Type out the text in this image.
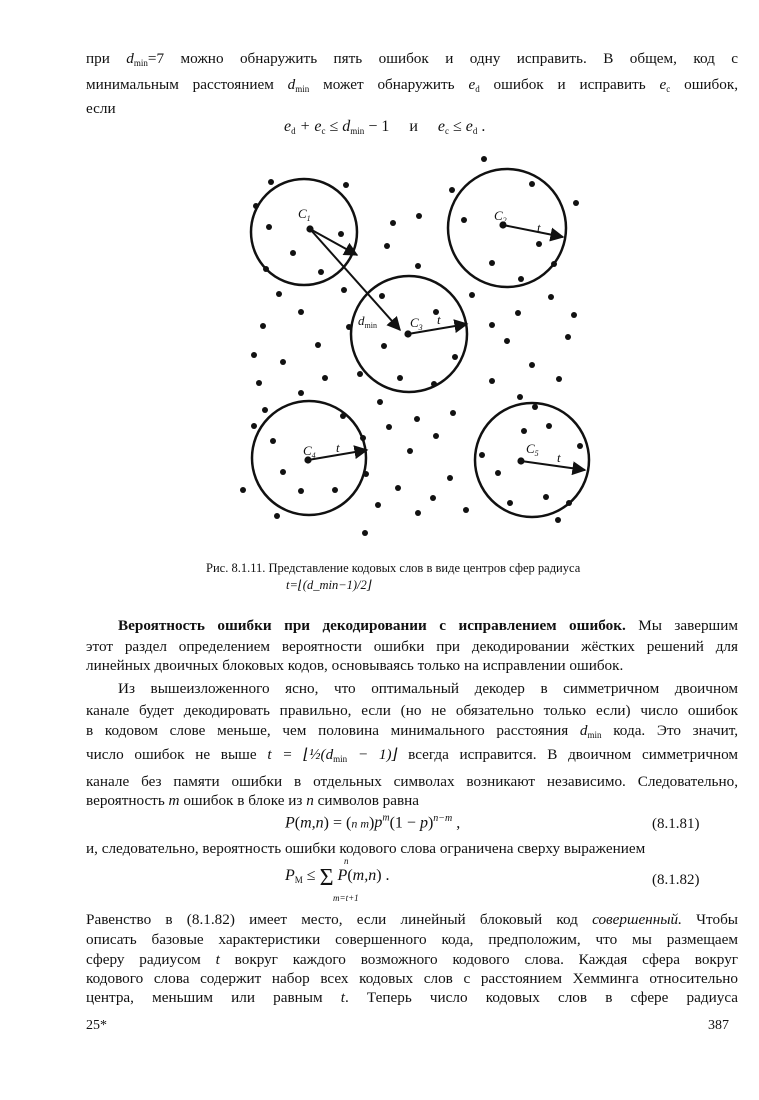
при $d_{min}=7$ можно обнаружить пять ошибок и одну исправить. В общем, код с
минимальным расстоянием $d_{min}$ может обнаружить $e_d$ ошибок и исправить $e_c$ ошибок,
если
$e_d + e_c \le d_{min} - 1$     и     $e_c \le e_d$ .
$C_1$	$C_2$
$C_3$
$C_4$	$C_5$
$d_{min}$
t
t
t
t
Рис. 8.1.11. Представление кодовых слов в виде центров сфер радиуса
t=⌊(d_min−1)/2⌋
Вероятность ошибки при декодировании с исправлением ошибок. Мы завершим
этот раздел определением вероятности ошибки при декодировании жёстких решений для
линейных двоичных блоковых кодов, основываясь только на исправлении ошибок.
Из вышеизложенного ясно, что оптимальный декодер в симметричном двоичном
канале будет декодировать правильно, если (но не обязательно только если) число ошибок
в кодовом слове меньше, чем половина минимального расстояния $d_{min}$ кода. Это значит,
число ошибок не выше $t = ⌊\frac{1}{2}(d_{min}$ − 1)⌋ всегда исправится. В двоичном симметричном
канале без памяти ошибки в отдельных символах возникают независимо. Следовательно,
вероятность m ошибок в блоке из n символов равна
P(m,n) = (n $m)p^m(1 - p)^{n-m}$ ,	(8.1.81)
и, следовательно, вероятность ошибки кодового слова ограничена сверху выражением
$P_M \le \Sigma$ P(m,n) .
n
m=t+1
(8.1.82)
Равенство в (8.1.82) имеет место, если линейный блоковый код совершенный. Чтобы
описать базовые характеристики совершенного кода, предположим, что мы размещаем
сферу радиусом t вокруг каждого возможного кодового слова. Каждая сфера вокруг
кодового слова содержит набор всех кодовых слов с расстоянием Хемминга относительно
центра, меньшим или равным t. Теперь число кодовых слов в сфере радиуса
25*	387
